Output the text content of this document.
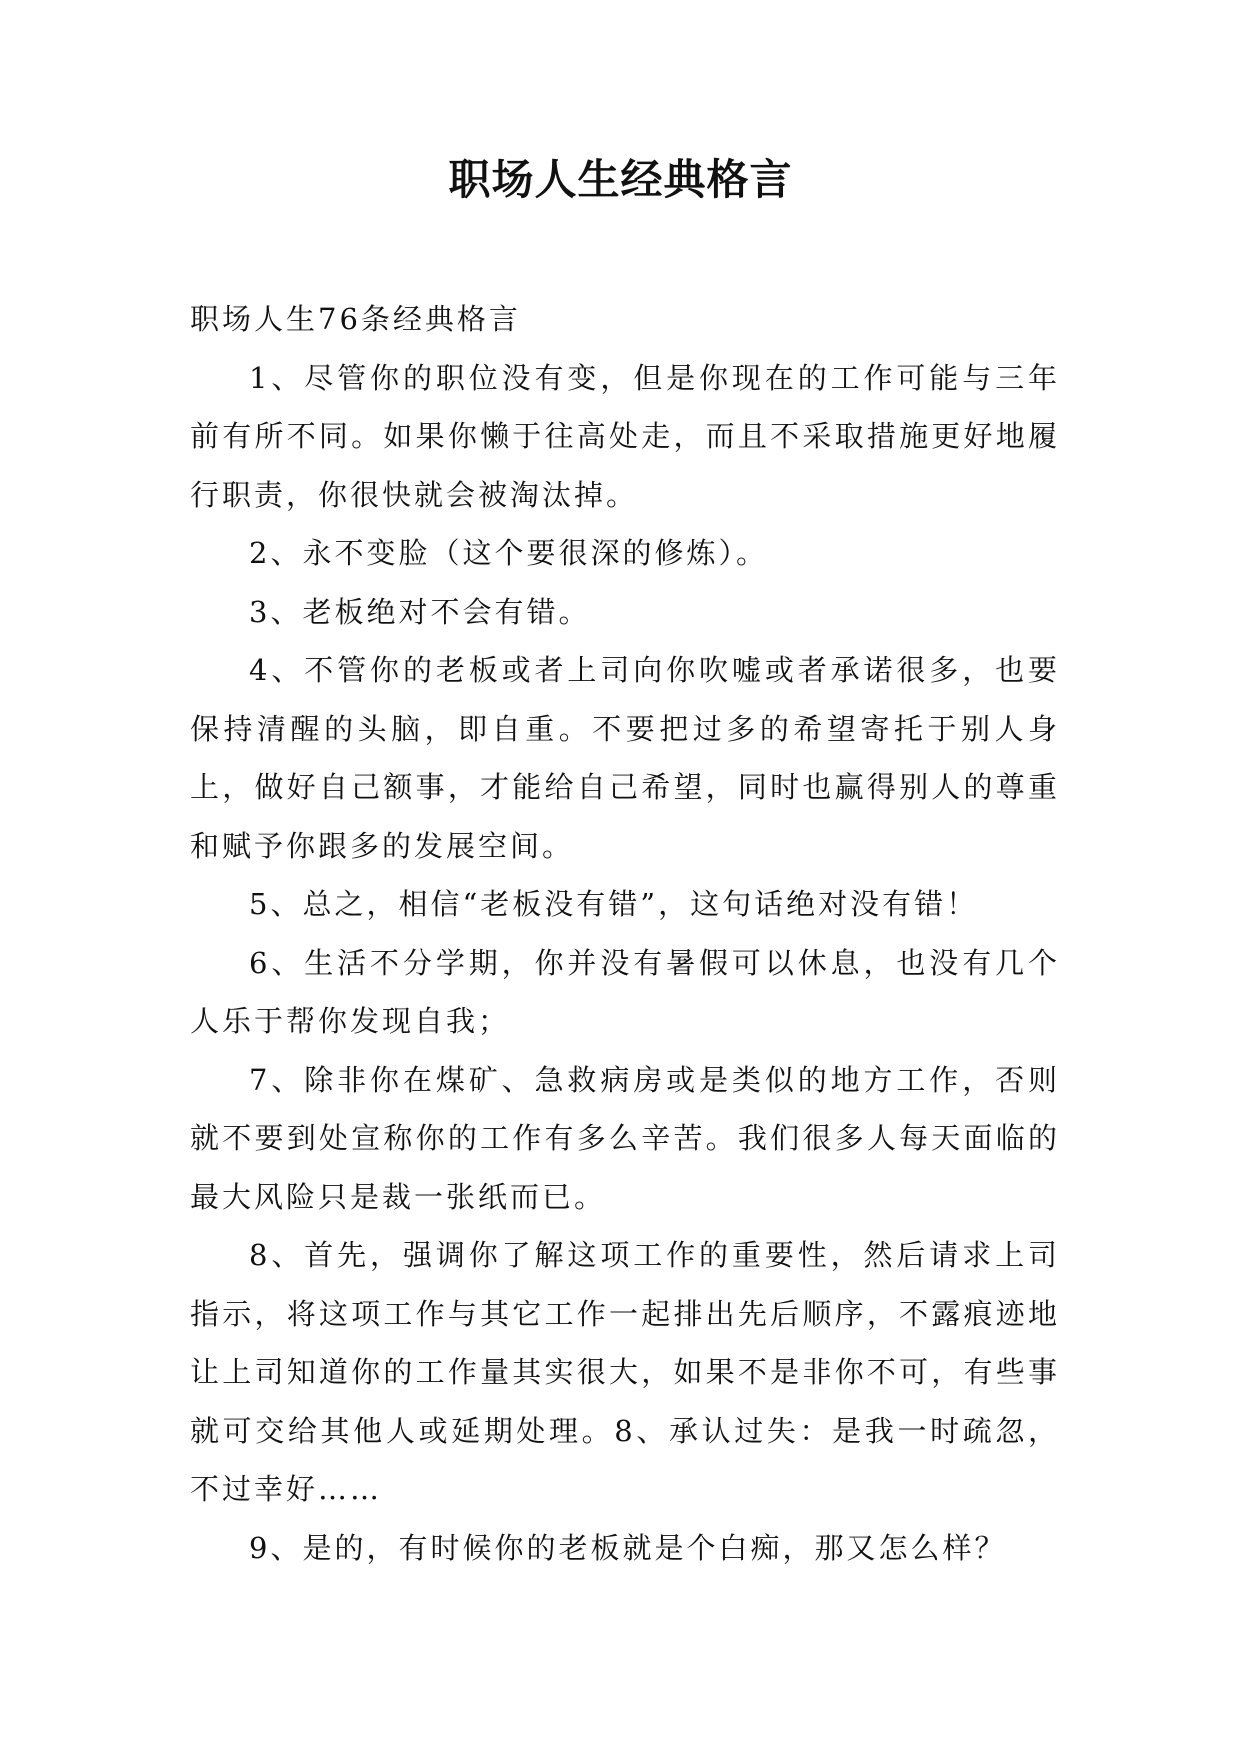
职场人生经典格言

职场人生76条经典格言

1、尽管你的职位没有变，但是你现在的工作可能与三年前有所不同。如果你懒于往高处走，而且不采取措施更好地履行职责，你很快就会被淘汰掉。

2、永不变脸（这个要很深的修炼）。

3、老板绝对不会有错。

4、不管你的老板或者上司向你吹嘘或者承诺很多，也要保持清醒的头脑，即自重。不要把过多的希望寄托于别人身上，做好自己额事，才能给自己希望，同时也赢得别人的尊重和赋予你跟多的发展空间。

5、总之，相信“老板没有错”，这句话绝对没有错！

6、生活不分学期，你并没有暑假可以休息，也没有几个人乐于帮你发现自我；

7、除非你在煤矿、急救病房或是类似的地方工作，否则就不要到处宣称你的工作有多么辛苦。我们很多人每天面临的最大风险只是裁一张纸而已。

8、首先，强调你了解这项工作的重要性，然后请求上司指示，将这项工作与其它工作一起排出先后顺序，不露痕迹地让上司知道你的工作量其实很大，如果不是非你不可，有些事就可交给其他人或延期处理。8、承认过失：是我一时疏忽，不过幸好……

9、是的，有时候你的老板就是个白痴，那又怎么样？
